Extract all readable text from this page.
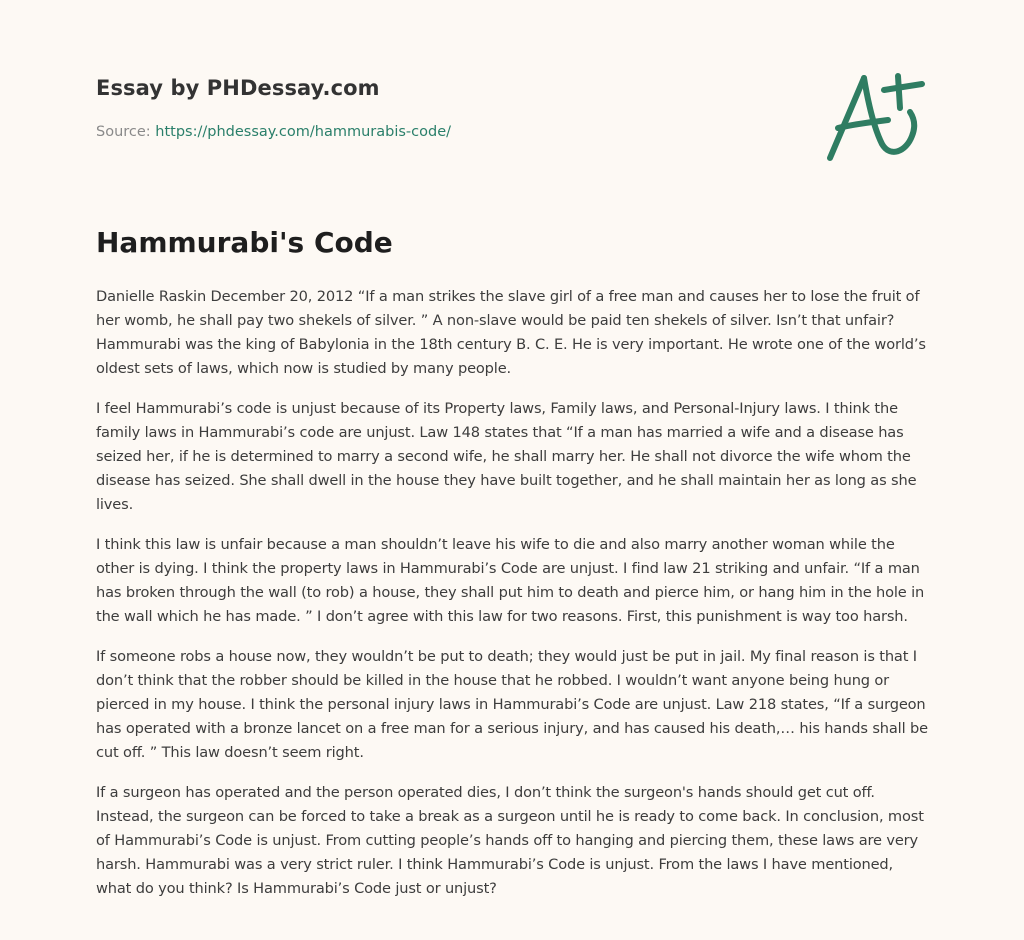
Essay by PHDessay.com
Source: https://phdessay.com/hammurabis-code/
Hammurabi's Code

Danielle Raskin December 20, 2012 “If a man strikes the slave girl of a free man and causes her to lose the fruit of her womb, he shall pay two shekels of silver. ” A non-slave would be paid ten shekels of silver. Isn’t that unfair? Hammurabi was the king of Babylonia in the 18th century B. C. E. He is very important. He wrote one of the world’s oldest sets of laws, which now is studied by many people.

I feel Hammurabi’s code is unjust because of its Property laws, Family laws, and Personal-Injury laws. I think the family laws in Hammurabi’s code are unjust. Law 148 states that “If a man has married a wife and a disease has seized her, if he is determined to marry a second wife, he shall marry her. He shall not divorce the wife whom the disease has seized. She shall dwell in the house they have built together, and he shall maintain her as long as she lives.

I think this law is unfair because a man shouldn’t leave his wife to die and also marry another woman while the other is dying. I think the property laws in Hammurabi’s Code are unjust. I find law 21 striking and unfair. “If a man has broken through the wall (to rob) a house, they shall put him to death and pierce him, or hang him in the hole in the wall which he has made. ” I don’t agree with this law for two reasons. First, this punishment is way too harsh.

If someone robs a house now, they wouldn’t be put to death; they would just be put in jail. My final reason is that I don’t think that the robber should be killed in the house that he robbed. I wouldn’t want anyone being hung or pierced in my house. I think the personal injury laws in Hammurabi’s Code are unjust. Law 218 states, “If a surgeon has operated with a bronze lancet on a free man for a serious injury, and has caused his death,… his hands shall be cut off. ” This law doesn’t seem right.

If a surgeon has operated and the person operated dies, I don’t think the surgeon's hands should get cut off. Instead, the surgeon can be forced to take a break as a surgeon until he is ready to come back. In conclusion, most of Hammurabi’s Code is unjust. From cutting people’s hands off to hanging and piercing them, these laws are very harsh. Hammurabi was a very strict ruler. I think Hammurabi’s Code is unjust. From the laws I have mentioned, what do you think? Is Hammurabi’s Code just or unjust?
